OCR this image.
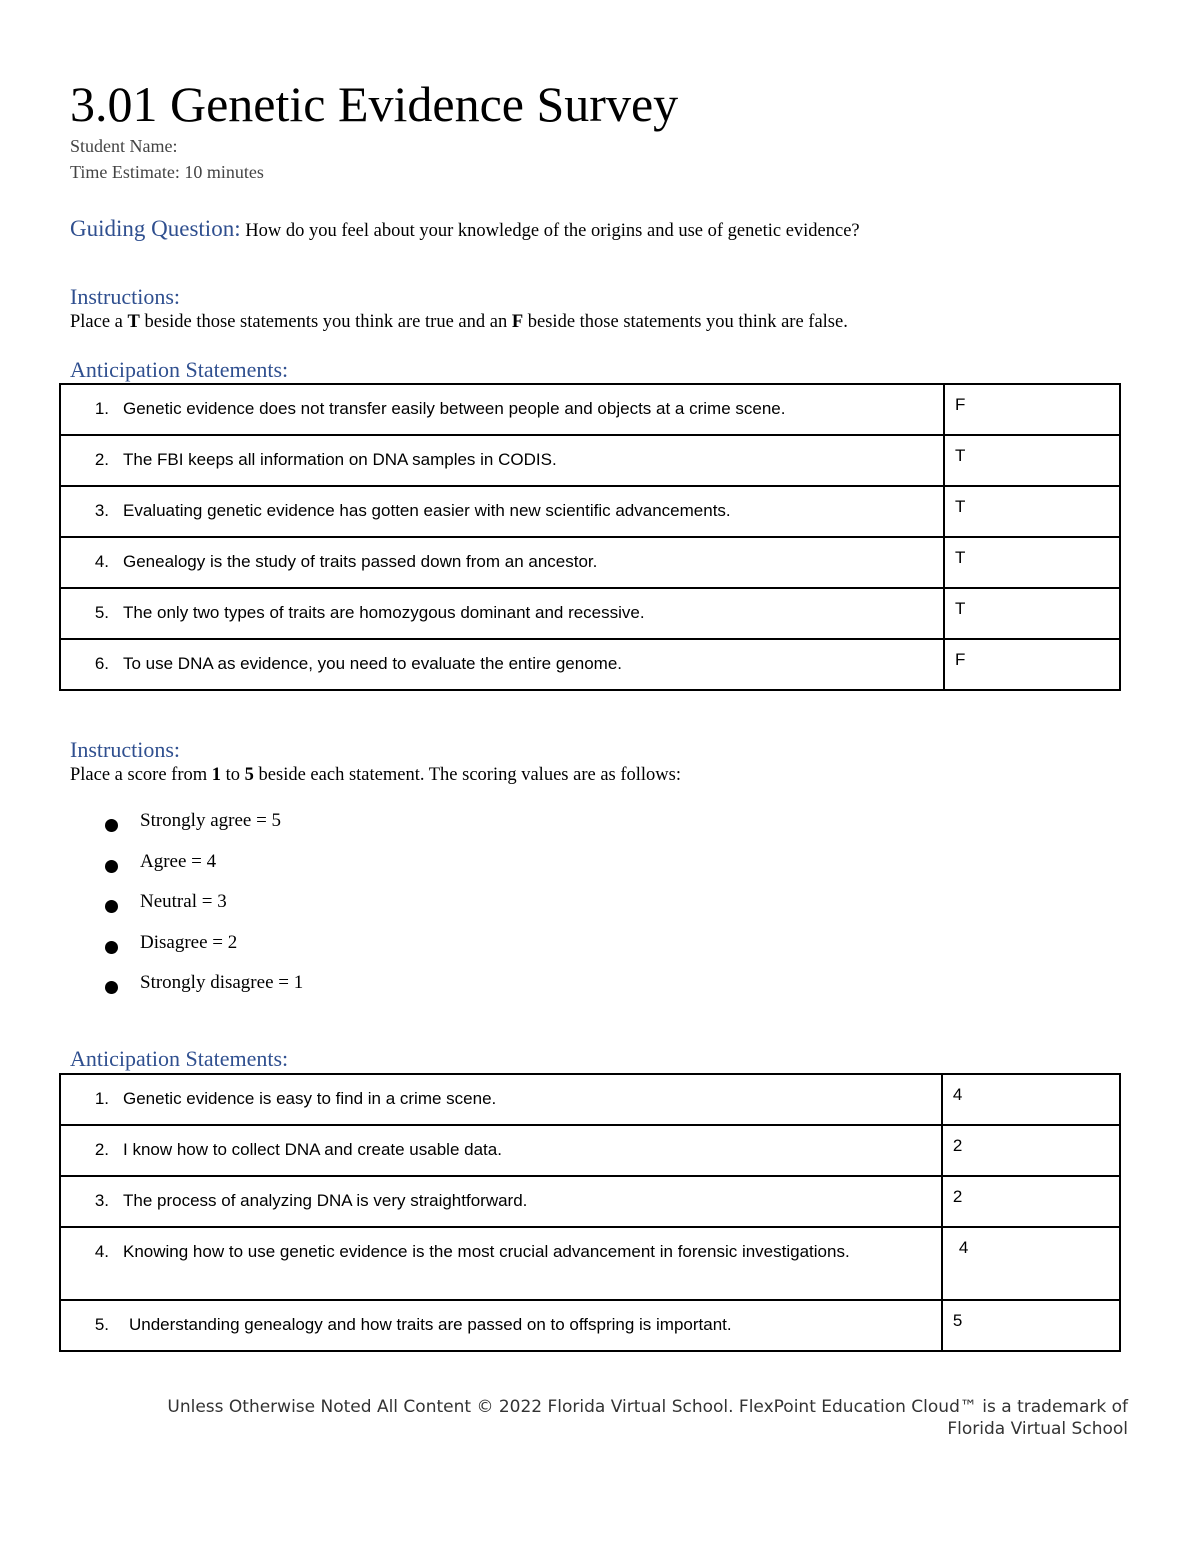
3.01 Genetic Evidence Survey
Student Name:
Time Estimate: 10 minutes
Guiding Question: How do you feel about your knowledge of the origins and use of genetic evidence?
Instructions:
Place a T beside those statements you think are true and an F beside those statements you think are false.
Anticipation Statements:
1. Genetic evidence does not transfer easily between people and objects at a crime scene.	F
2. The FBI keeps all information on DNA samples in CODIS.	T
3. Evaluating genetic evidence has gotten easier with new scientific advancements.	T
4. Genealogy is the study of traits passed down from an ancestor.	T
5. The only two types of traits are homozygous dominant and recessive.	T
6. To use DNA as evidence, you need to evaluate the entire genome.	F
Instructions:
Place a score from 1 to 5 beside each statement. The scoring values are as follows:
Strongly agree = 5
Agree = 4
Neutral = 3
Disagree = 2
Strongly disagree = 1
Anticipation Statements:
1. Genetic evidence is easy to find in a crime scene.	4
2. I know how to collect DNA and create usable data.	2
3. The process of analyzing DNA is very straightforward.	2
4. Knowing how to use genetic evidence is the most crucial advancement in forensic investigations.	4
5. Understanding genealogy and how traits are passed on to offspring is important.	5
Unless Otherwise Noted All Content © 2022 Florida Virtual School. FlexPoint Education Cloud™ is a trademark of
Florida Virtual School
